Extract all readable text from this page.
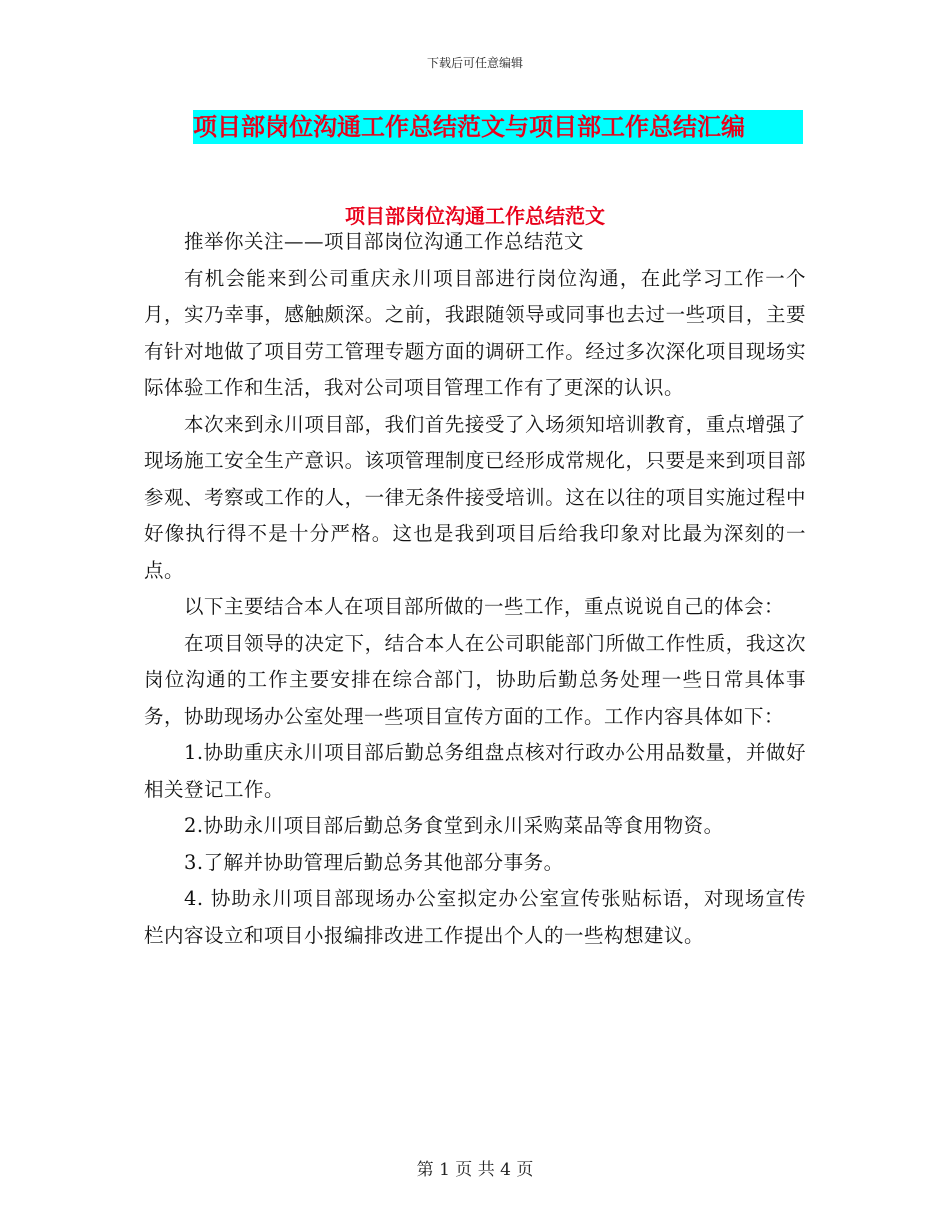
下载后可任意编辑
项目部岗位沟通工作总结范文与项目部工作总结汇编
项目部岗位沟通工作总结范文

推举你关注——项目部岗位沟通工作总结范文

有机会能来到公司重庆永川项目部进行岗位沟通，在此学习工作一个月，实乃幸事，感触颇深。之前，我跟随领导或同事也去过一些项目，主要有针对地做了项目劳工管理专题方面的调研工作。经过多次深化项目现场实际体验工作和生活，我对公司项目管理工作有了更深的认识。

本次来到永川项目部，我们首先接受了入场须知培训教育，重点增强了现场施工安全生产意识。该项管理制度已经形成常规化，只要是来到项目部参观、考察或工作的人，一律无条件接受培训。这在以往的项目实施过程中好像执行得不是十分严格。这也是我到项目后给我印象对比最为深刻的一点。

以下主要结合本人在项目部所做的一些工作，重点说说自己的体会：

在项目领导的决定下，结合本人在公司职能部门所做工作性质，我这次岗位沟通的工作主要安排在综合部门，协助后勤总务处理一些日常具体事务，协助现场办公室处理一些项目宣传方面的工作。工作内容具体如下：

1.协助重庆永川项目部后勤总务组盘点核对行政办公用品数量，并做好相关登记工作。

2.协助永川项目部后勤总务食堂到永川采购菜品等食用物资。

3.了解并协助管理后勤总务其他部分事务。

4. 协助永川项目部现场办公室拟定办公室宣传张贴标语，对现场宣传栏内容设立和项目小报编排改进工作提出个人的一些构想建议。

第 1 页 共 4 页
